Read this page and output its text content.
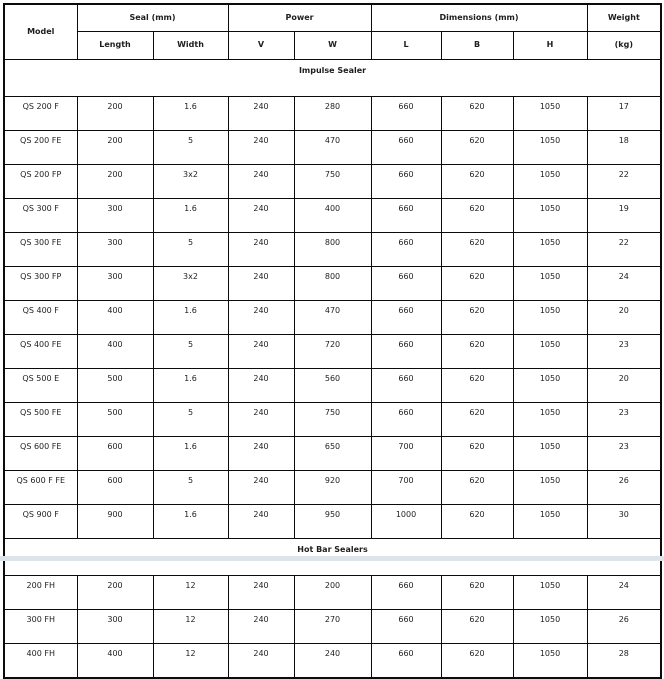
Model	Seal (mm)		Power		Dimensions (mm)			Weight
	Length	Width	V	W	L	B	H	(kg)
Impulse Sealer								
QS 200 F	200	1.6	240	280	660	620	1050	17
QS 200 FE	200	5	240	470	660	620	1050	18
QS 200 FP	200	3x2	240	750	660	620	1050	22
QS 300 F	300	1.6	240	400	660	620	1050	19
QS 300 FE	300	5	240	800	660	620	1050	22
QS 300 FP	300	3x2	240	800	660	620	1050	24
QS 400 F	400	1.6	240	470	660	620	1050	20
QS 400 FE	400	5	240	720	660	620	1050	23
QS 500 E	500	1.6	240	560	660	620	1050	20
QS 500 FE	500	5	240	750	660	620	1050	23
QS 600 FE	600	1.6	240	650	700	620	1050	23
QS 600 F FE	600	5	240	920	700	620	1050	26
QS 900 F	900	1.6	240	950	1000	620	1050	30
Hot Bar Sealers								
200 FH	200	12	240	200	660	620	1050	24
300 FH	300	12	240	270	660	620	1050	26
400 FH	400	12	240	240	660	620	1050	28
